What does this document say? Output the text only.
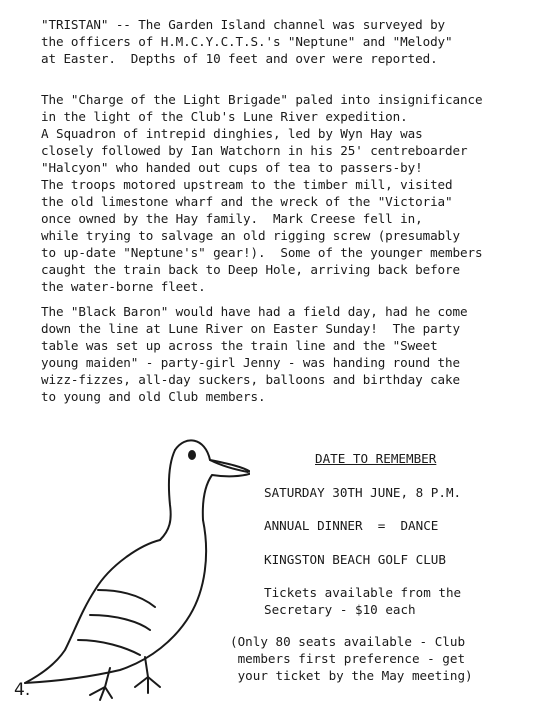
"TRISTAN" -- The Garden Island channel was surveyed by
the officers of H.M.C.Y.C.T.S.'s "Neptune" and "Melody"
at Easter.  Depths of 10 feet and over were reported.

The "Charge of the Light Brigade" paled into insignificance
in the light of the Club's Lune River expedition.
A Squadron of intrepid dinghies, led by Wyn Hay was
closely followed by Ian Watchorn in his 25' centreboarder
"Halcyon" who handed out cups of tea to passers-by!
The troops motored upstream to the timber mill, visited
the old limestone wharf and the wreck of the "Victoria"
once owned by the Hay family.  Mark Creese fell in,
while trying to salvage an old rigging screw (presumably
to up-date "Neptune's" gear!).  Some of the younger members
caught the train back to Deep Hole, arriving back before
the water-borne fleet.

The "Black Baron" would have had a field day, had he come
down the line at Lune River on Easter Sunday!  The party
table was set up across the train line and the "Sweet
young maiden" - party-girl Jenny - was handing round the
wizz-fizzes, all-day suckers, balloons and birthday cake
to young and old Club members.

DATE TO REMEMBER
SATURDAY 30TH JUNE, 8 P.M.
ANNUAL DINNER  =  DANCE
KINGSTON BEACH GOLF CLUB
Tickets available from the
Secretary - $10 each
(Only 80 seats available - Club
members first preference - get
your ticket by the May meeting)
4.
